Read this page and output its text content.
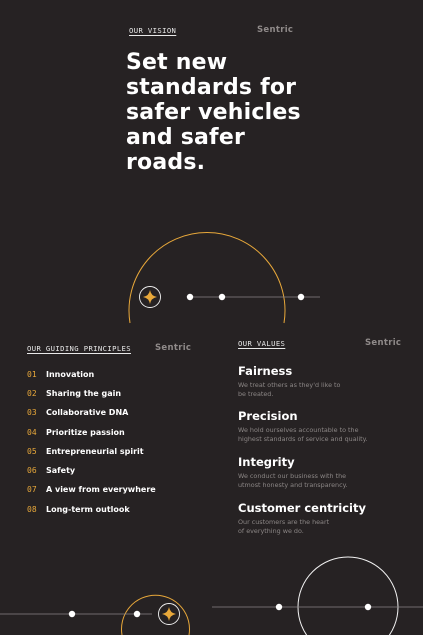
OUR VISION	Sentric
Set new standards for safer vehicles and safer roads.
OUR GUIDING PRINCIPLES	Sentric
01 Innovation
02 Sharing the gain
03 Collaborative DNA
04 Prioritize passion
05 Entrepreneurial spirit
06 Safety
07 A view from everywhere
08 Long-term outlook
OUR VALUES	Sentric
Fairness
We treat others as they'd like to be treated.
Precision
We hold ourselves accountable to the highest standards of service and quality.
Integrity
We conduct our business with the utmost honesty and transparency.
Customer centricity
Our customers are the heart of everything we do.
